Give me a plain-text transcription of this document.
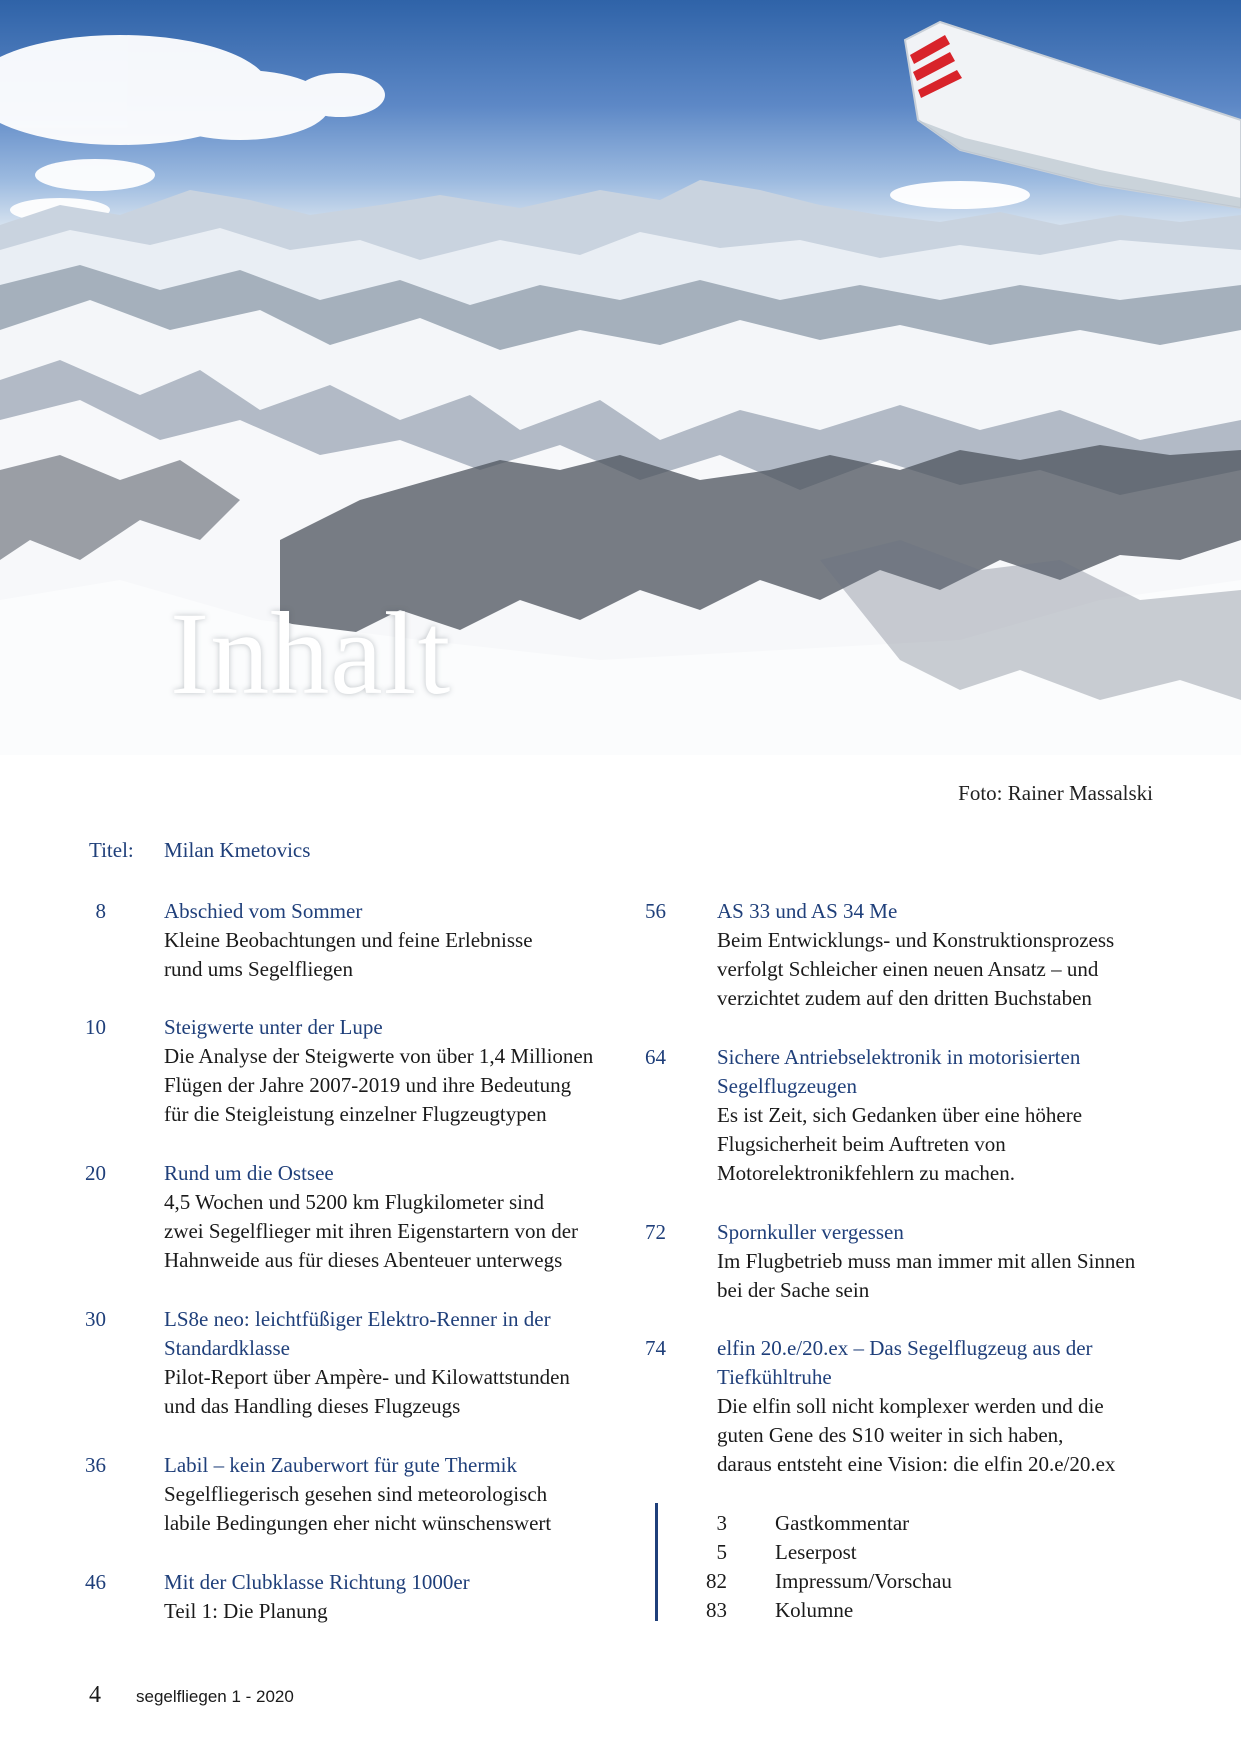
Inhalt
Foto: Rainer Massalski
Titel: Milan Kmetovics
8	Abschied vom Sommer
Kleine Beobachtungen und feine Erlebnisse
rund ums Segelfliegen
10	Steigwerte unter der Lupe
Die Analyse der Steigwerte von über 1,4 Millionen
Flügen der Jahre 2007-2019 und ihre Bedeutung
für die Steigleistung einzelner Flugzeugtypen
20	Rund um die Ostsee
4,5 Wochen und 5200 km Flugkilometer sind
zwei Segelflieger mit ihren Eigenstartern von der
Hahnweide aus für dieses Abenteuer unterwegs
30	LS8e neo: leichtfüßiger Elektro-Renner in der
Standardklasse
Pilot-Report über Ampère- und Kilowattstunden
und das Handling dieses Flugzeugs
36	Labil – kein Zauberwort für gute Thermik
Segelfliegerisch gesehen sind meteorologisch
labile Bedingungen eher nicht wünschenswert
46	Mit der Clubklasse Richtung 1000er
Teil 1: Die Planung
56 AS 33 und AS 34 Me
Beim Entwicklungs- und Konstruktionsprozess
verfolgt Schleicher einen neuen Ansatz – und
verzichtet zudem auf den dritten Buchstaben
64 Sichere Antriebselektronik in motorisierten
Segelflugzeugen
Es ist Zeit, sich Gedanken über eine höhere
Flugsicherheit beim Auftreten von
Motorelektronikfehlern zu machen.
72 Spornkuller vergessen
Im Flugbetrieb muss man immer mit allen Sinnen
bei der Sache sein
74 elfin 20.e/20.ex – Das Segelflugzeug aus der
Tiefkühltruhe
Die elfin soll nicht komplexer werden und die
guten Gene des S10 weiter in sich haben,
daraus entsteht eine Vision: die elfin 20.e/20.ex
3 Gastkommentar
5 Leserpost
82 Impressum/Vorschau
83 Kolumne
4 segelfliegen 1 - 2020
